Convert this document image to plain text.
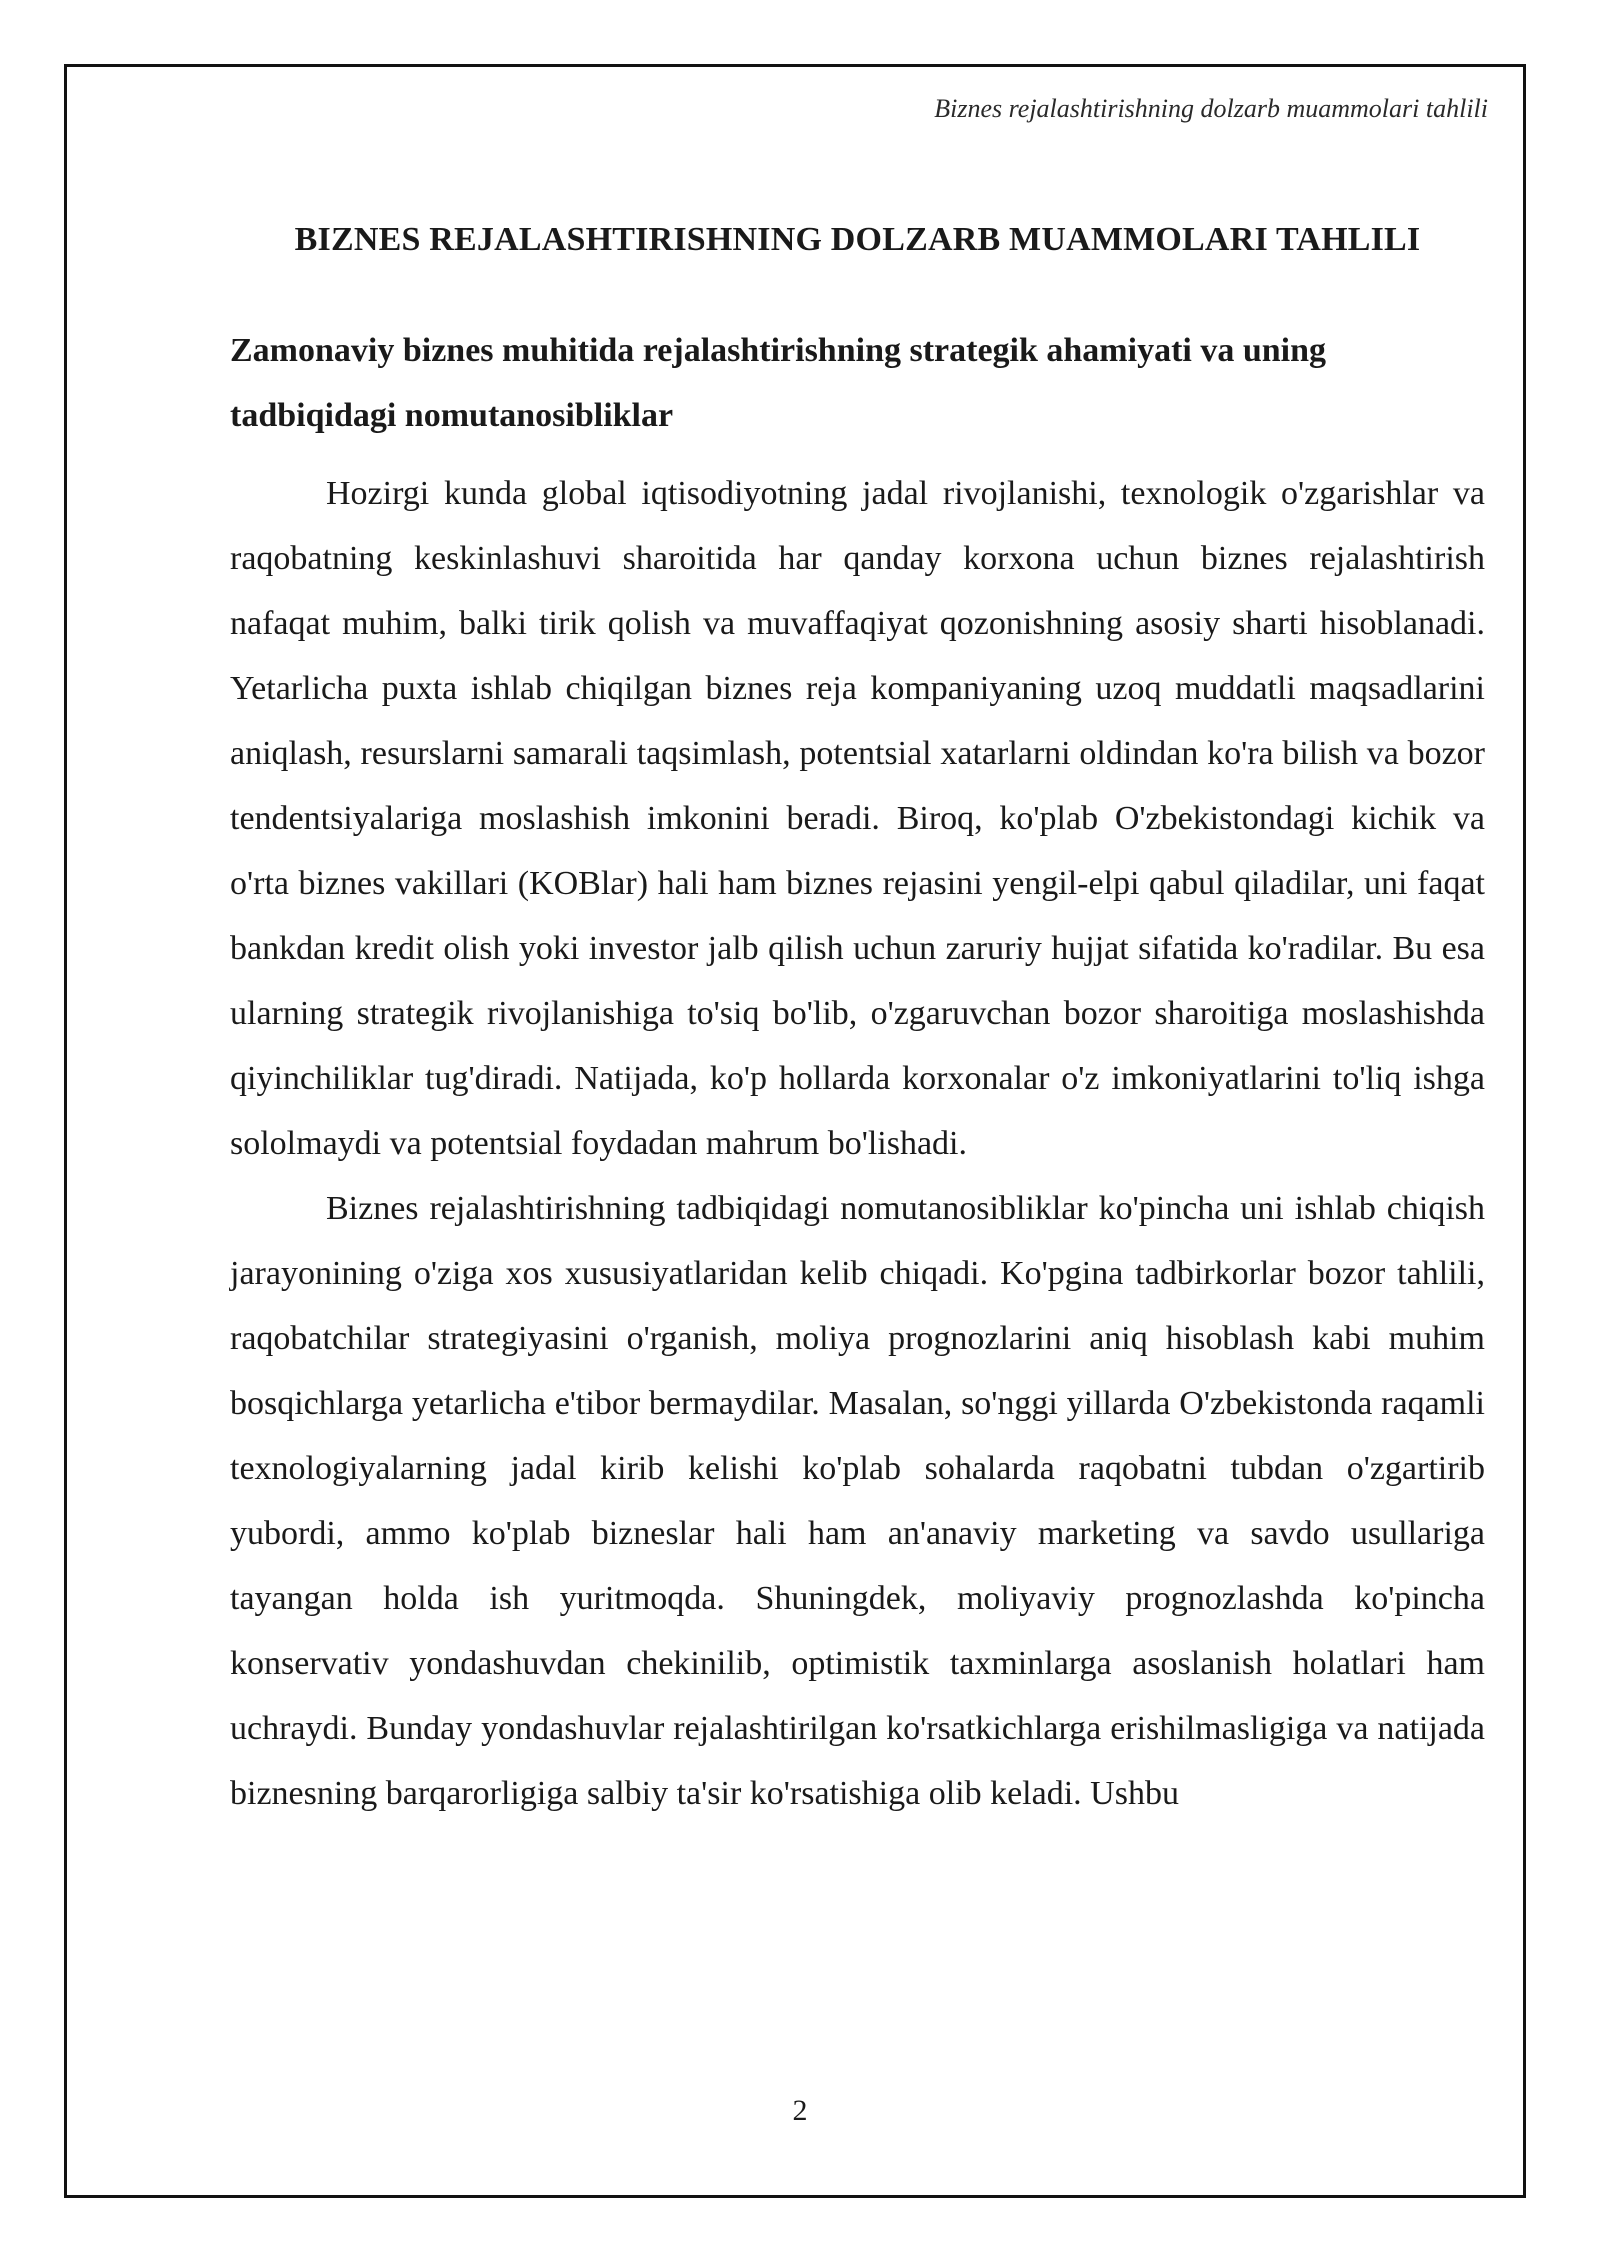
Biznes rejalashtirishning dolzarb muammolari tahlili
BIZNES REJALASHTIRISHNING DOLZARB MUAMMOLARI TAHLILI
Zamonaviy biznes muhitida rejalashtirishning strategik ahamiyati va uning tadbiqidagi nomutanosibliklar

Hozirgi kunda global iqtisodiyotning jadal rivojlanishi, texnologik o'zgarishlar va raqobatning keskinlashuvi sharoitida har qanday korxona uchun biznes rejalashtirish nafaqat muhim, balki tirik qolish va muvaffaqiyat qozonishning asosiy sharti hisoblanadi. Yetarlicha puxta ishlab chiqilgan biznes reja kompaniyaning uzoq muddatli maqsadlarini aniqlash, resurslarni samarali taqsimlash, potentsial xatarlarni oldindan ko'ra bilish va bozor tendentsiyalariga moslashish imkonini beradi. Biroq, ko'plab O'zbekistondagi kichik va o'rta biznes vakillari (KOBlar) hali ham biznes rejasini yengil-elpi qabul qiladilar, uni faqat bankdan kredit olish yoki investor jalb qilish uchun zaruriy hujjat sifatida ko'radilar. Bu esa ularning strategik rivojlanishiga to'siq bo'lib, o'zgaruvchan bozor sharoitiga moslashishda qiyinchiliklar tug'diradi. Natijada, ko'p hollarda korxonalar o'z imkoniyatlarini to'liq ishga sololmaydi va potentsial foydadan mahrum bo'lishadi.

Biznes rejalashtirishning tadbiqidagi nomutanosibliklar ko'pincha uni ishlab chiqish jarayonining o'ziga xos xususiyatlaridan kelib chiqadi. Ko'pgina tadbirkorlar bozor tahlili, raqobatchilar strategiyasini o'rganish, moliya prognozlarini aniq hisoblash kabi muhim bosqichlarga yetarlicha e'tibor bermaydilar. Masalan, so'nggi yillarda O'zbekistonda raqamli texnologiyalarning jadal kirib kelishi ko'plab sohalarda raqobatni tubdan o'zgartirib yubordi, ammo ko'plab bizneslar hali ham an'anaviy marketing va savdo usullariga tayangan holda ish yuritmoqda. Shuningdek, moliyaviy prognozlashda ko'pincha konservativ yondashuvdan chekinilib, optimistik taxminlarga asoslanish holatlari ham uchraydi. Bunday yondashuvlar rejalashtirilgan ko'rsatkichlarga erishilmasligiga va natijada biznesning barqarorligiga salbiy ta'sir ko'rsatishiga olib keladi. Ushbu

2
